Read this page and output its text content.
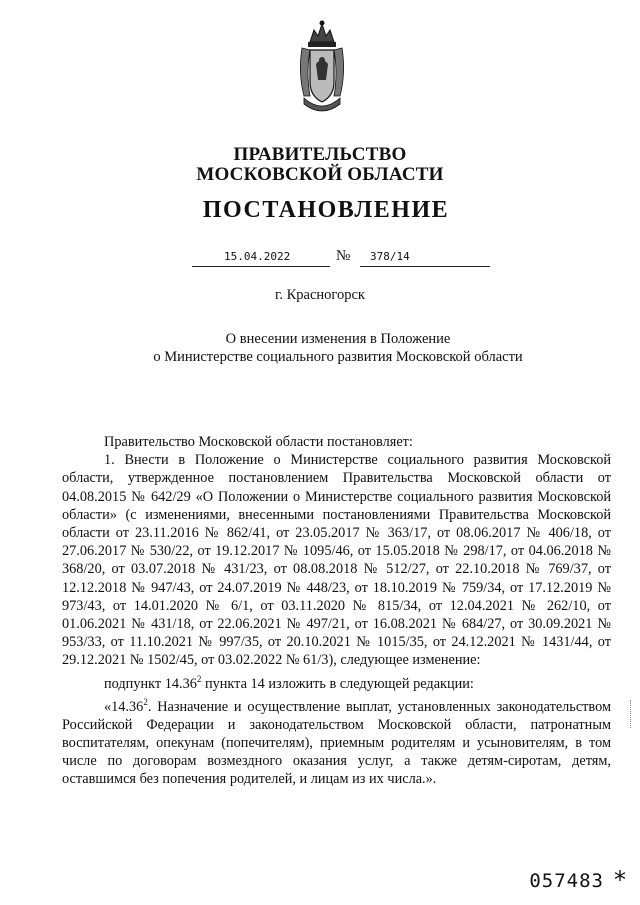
ПРАВИТЕЛЬСТВО
МОСКОВСКОЙ ОБЛАСТИ
ПОСТАНОВЛЕНИЕ
15.04.2022	№ 378/14
г. Красногорск
О внесении изменения в Положение
о Министерстве социального развития Московской области

Правительство Московской области постановляет:

1. Внести в Положение о Министерстве социального развития Московской области, утвержденное постановлением Правительства Московской области от 04.08.2015 № 642/29 «О Положении о Министерстве социального развития Московской области» (с изменениями, внесенными постановлениями Правительства Московской области от 23.11.2016 № 862/41, от 23.05.2017 № 363/17, от 08.06.2017 № 406/18, от 27.06.2017 № 530/22, от 19.12.2017 № 1095/46, от 15.05.2018 № 298/17, от 04.06.2018 № 368/20, от 03.07.2018 № 431/23, от 08.08.2018 № 512/27, от 22.10.2018 № 769/37, от 12.12.2018 № 947/43, от 24.07.2019 № 448/23, от 18.10.2019 № 759/34, от 17.12.2019 № 973/43, от 14.01.2020 № 6/1, от 03.11.2020 № 815/34, от 12.04.2021 № 262/10, от 01.06.2021 № 431/18, от 22.06.2021 № 497/21, от 16.08.2021 № 684/27, от 30.09.2021 № 953/33, от 11.10.2021 № 997/35, от 20.10.2021 № 1015/35, от 24.12.2021 № 1431/44, от 29.12.2021 № 1502/45, от 03.02.2022 № 61/3), следующее изменение:

подпункт 14.36$^2$ пункта 14 изложить в следующей редакции:

«14.36$^2$. Назначение и осуществление выплат, установленных законодательством Российской Федерации и законодательством Московской области, патронатным воспитателям, опекунам (попечителям), приемным родителям и усыновителям, в том числе по договорам возмездного оказания услуг, а также детям-сиротам, детям, оставшимся без попечения родителей, и лицам из их числа.».

057483 *
